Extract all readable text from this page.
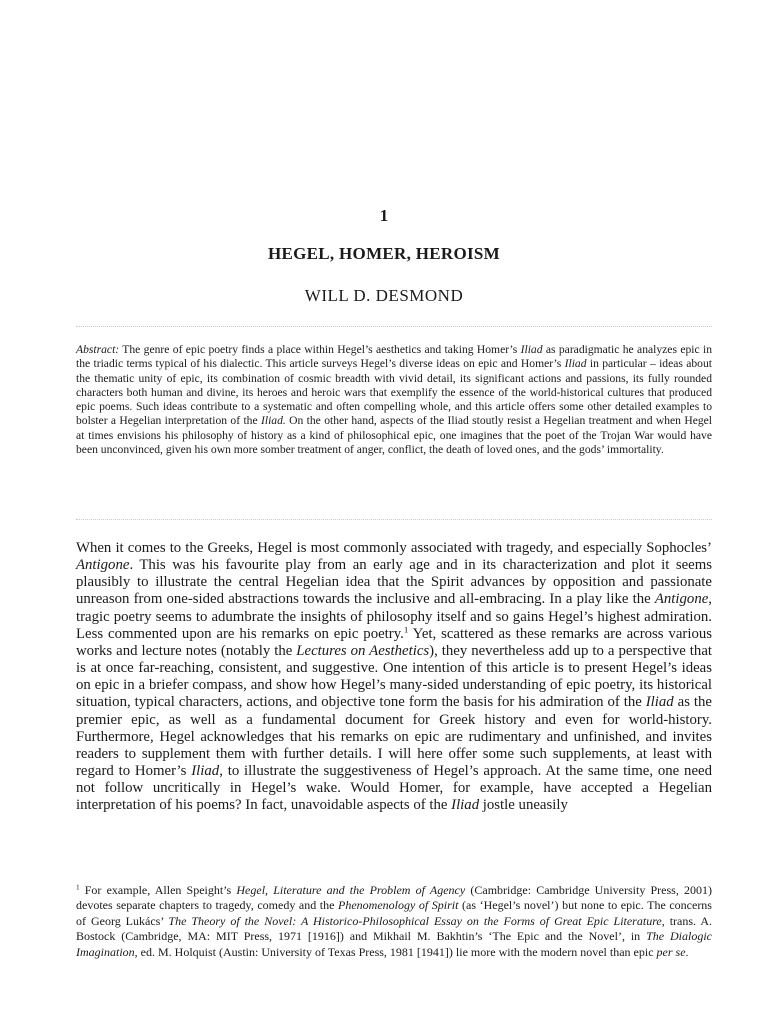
1
HEGEL, HOMER, HEROISM
WILL D. DESMOND
Abstract: The genre of epic poetry finds a place within Hegel’s aesthetics and taking Homer’s Iliad as paradigmatic he analyzes epic in the triadic terms typical of his dialectic. This article surveys Hegel’s diverse ideas on epic and Homer’s Iliad in particular – ideas about the thematic unity of epic, its combination of cosmic breadth with vivid detail, its significant actions and passions, its fully rounded characters both human and divine, its heroes and heroic wars that exemplify the essence of the world-historical cultures that produced epic poems. Such ideas contribute to a systematic and often compelling whole, and this article offers some other detailed examples to bolster a Hegelian interpretation of the Iliad. On the other hand, aspects of the Iliad stoutly resist a Hegelian treatment and when Hegel at times envisions his philosophy of history as a kind of philosophical epic, one imagines that the poet of the Trojan War would have been unconvinced, given his own more somber treatment of anger, conflict, the death of loved ones, and the gods’ immortality.
When it comes to the Greeks, Hegel is most commonly associated with tragedy, and especially Sophocles’ Antigone. This was his favourite play from an early age and in its characterization and plot it seems plausibly to illustrate the central Hegelian idea that the Spirit advances by opposition and passionate unreason from one-sided abstractions towards the inclusive and all-embracing. In a play like the Antigone, tragic poetry seems to adumbrate the insights of philosophy itself and so gains Hegel’s highest admiration. Less commented upon are his remarks on epic poetry.$^1$ Yet, scattered as these remarks are across various works and lecture notes (notably the Lectures on Aesthetics), they nevertheless add up to a perspective that is at once far-reaching, consistent, and suggestive. One intention of this article is to present Hegel’s ideas on epic in a briefer compass, and show how Hegel’s many-sided understanding of epic poetry, its historical situation, typical characters, actions, and objective tone form the basis for his admiration of the Iliad as the premier epic, as well as a fundamental document for Greek history and even for world-history. Furthermore, Hegel acknowledges that his remarks on epic are rudimentary and unfinished, and invites readers to supplement them with further details. I will here offer some such supplements, at least with regard to Homer’s Iliad, to illustrate the suggestiveness of Hegel’s approach. At the same time, one need not follow uncritically in Hegel’s wake. Would Homer, for example, have accepted a Hegelian interpretation of his poems? In fact, unavoidable aspects of the Iliad jostle uneasily
$^1$ For example, Allen Speight’s Hegel, Literature and the Problem of Agency (Cambridge: Cambridge University Press, 2001) devotes separate chapters to tragedy, comedy and the Phenomenology of Spirit (as ‘Hegel’s novel’) but none to epic. The concerns of Georg Lukács’ The Theory of the Novel: A Historico-Philosophical Essay on the Forms of Great Epic Literature, trans. A. Bostock (Cambridge, MA: MIT Press, 1971 [1916]) and Mikhail M. Bakhtin’s ‘The Epic and the Novel’, in The Dialogic Imagination, ed. M. Holquist (Austin: University of Texas Press, 1981 [1941]) lie more with the modern novel than epic per se.
